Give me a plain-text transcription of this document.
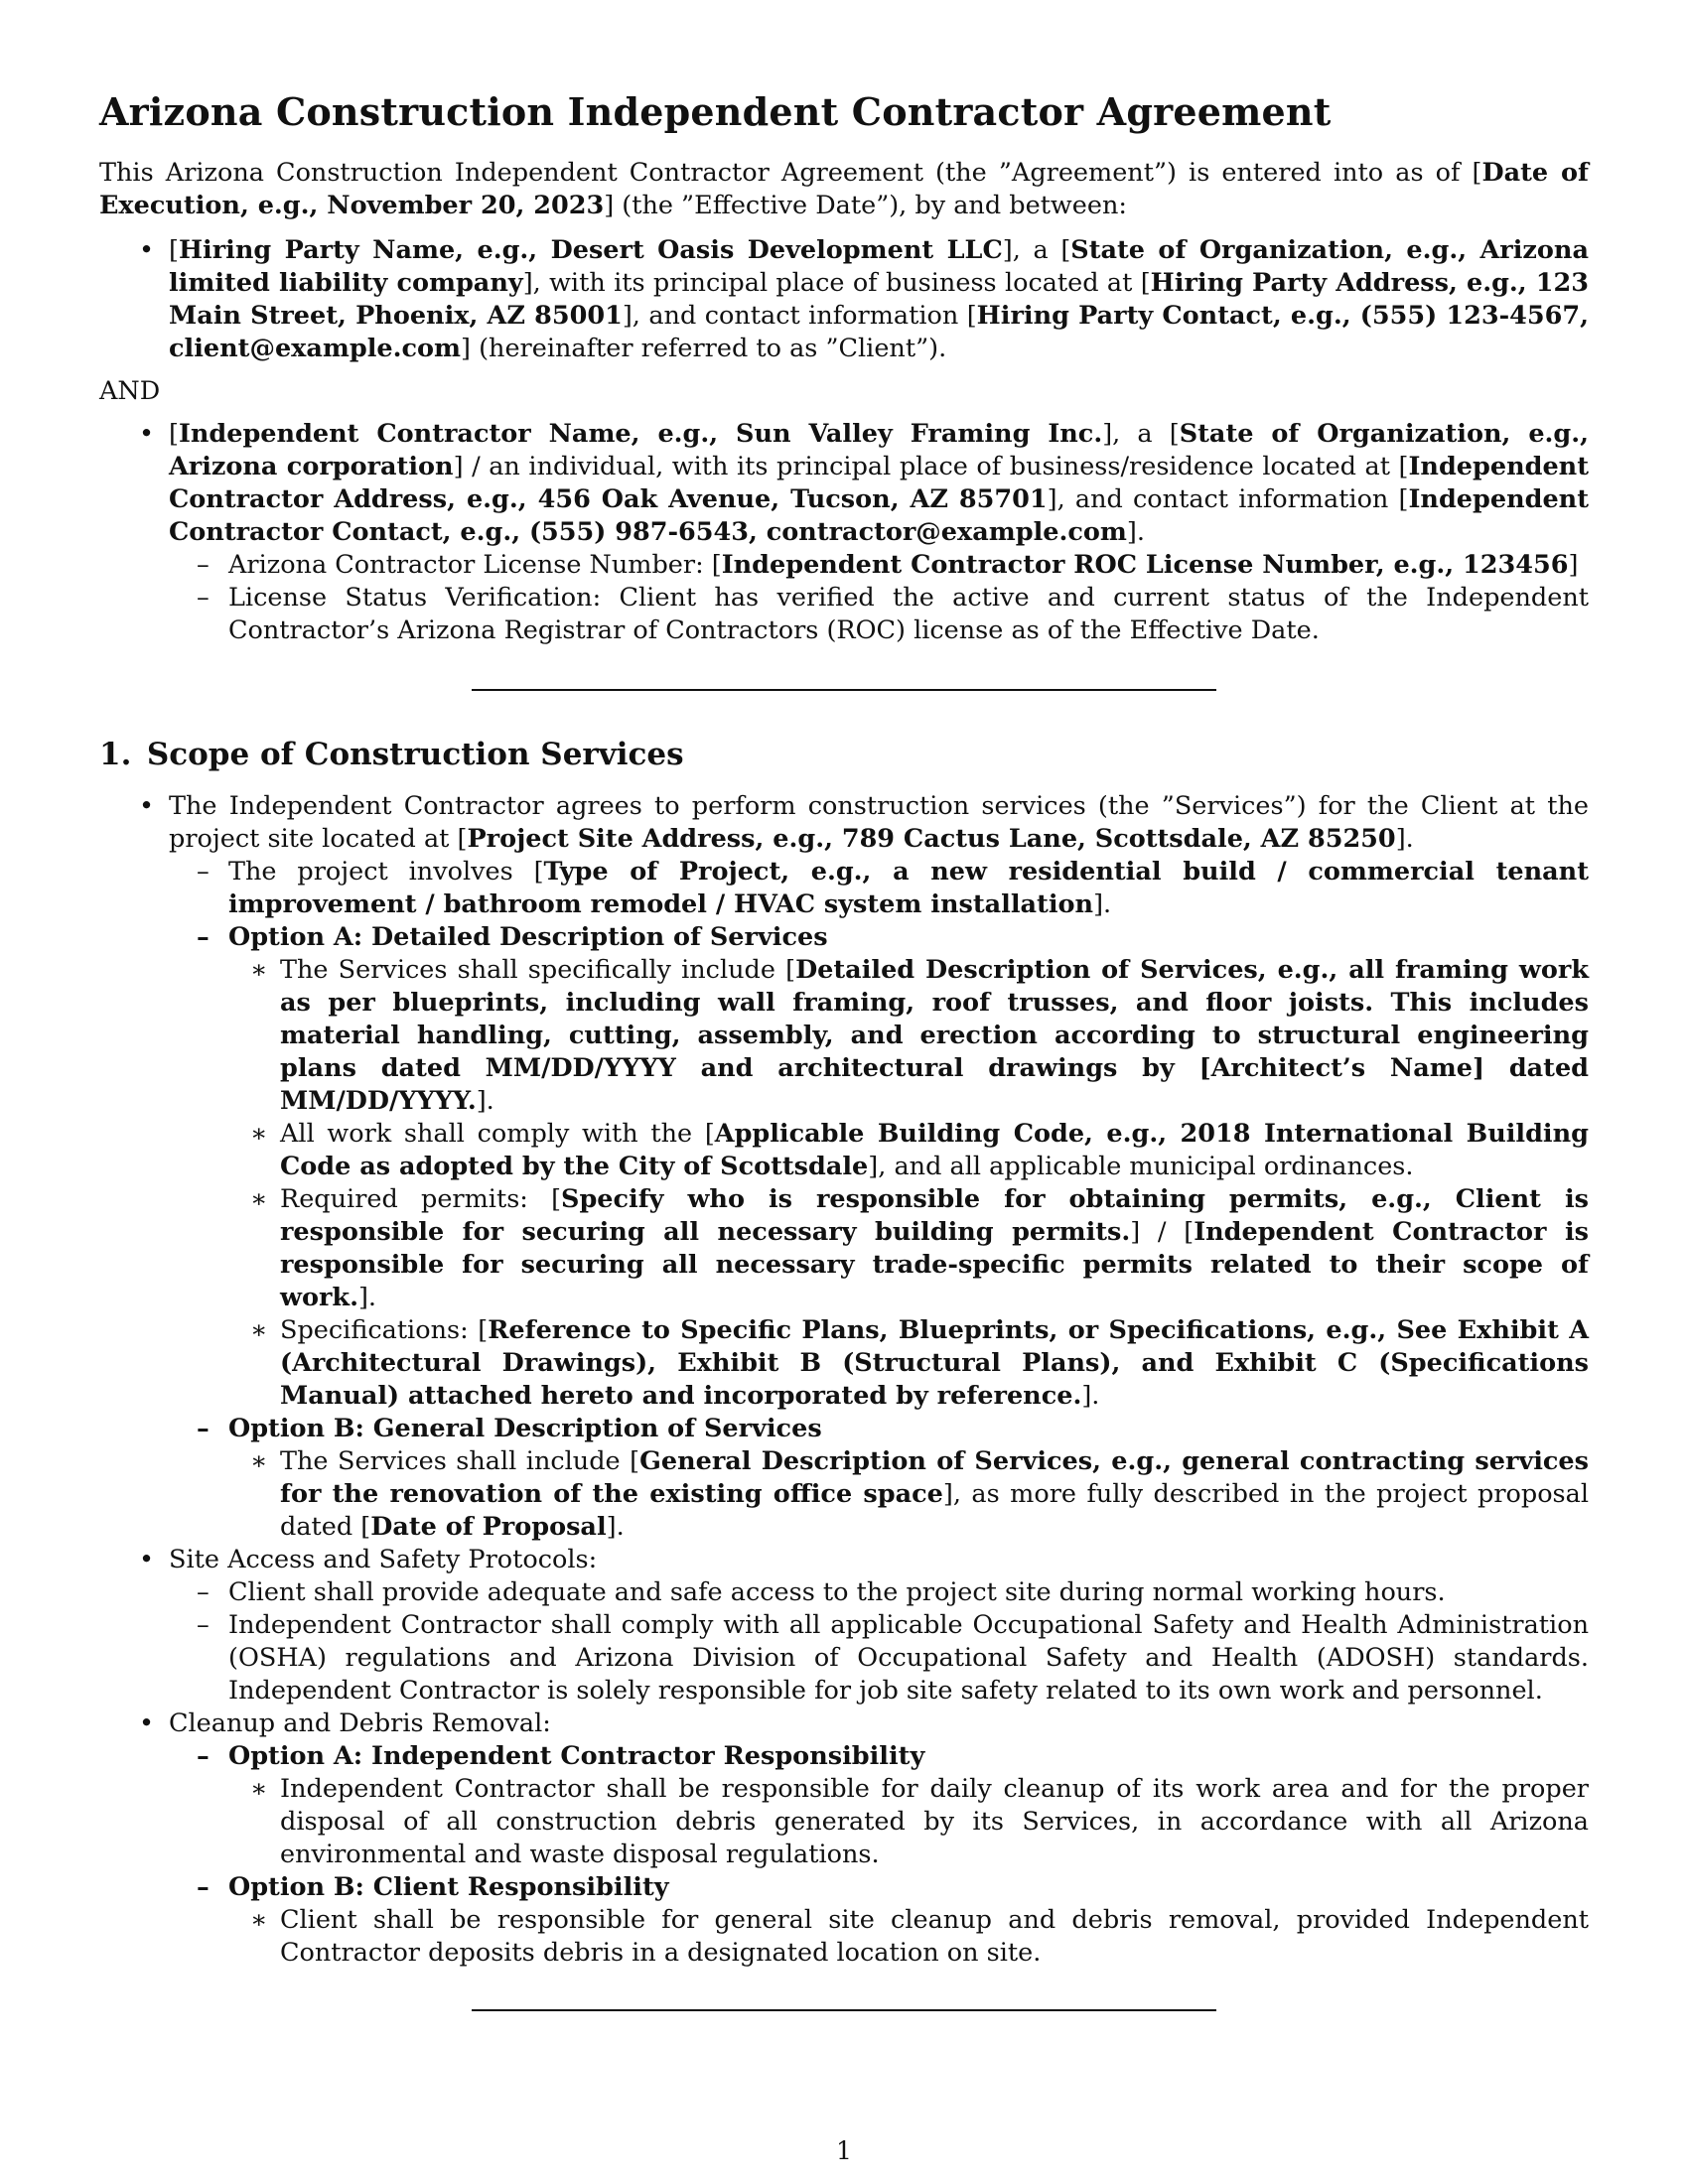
Arizona Construction Independent Contractor Agreement

This Arizona Construction Independent Contractor Agreement (the ”Agreement”) is entered into as of [Date of Execution, e.g., November 20, 2023] (the ”Effective Date”), by and between:

• [Hiring Party Name, e.g., Desert Oasis Development LLC], a [State of Organization, e.g., Arizona limited liability company], with its principal place of business located at [Hiring Party Address, e.g., 123 Main Street, Phoenix, AZ 85001], and contact information [Hiring Party Contact, e.g., (555) 123-4567, client@example.com] (hereinafter referred to as ”Client”).

AND

• [Independent Contractor Name, e.g., Sun Valley Framing Inc.], a [State of Organization, e.g., Arizona corporation] / an individual, with its principal place of business/residence located at [Independent Contractor Address, e.g., 456 Oak Avenue, Tucson, AZ 85701], and contact information [Independent Contractor Contact, e.g., (555) 987-6543, contractor@example.com].
– Arizona Contractor License Number: [Independent Contractor ROC License Number, e.g., 123456]
– License Status Verification: Client has verified the active and current status of the Independent Contractor’s Arizona Registrar of Contractors (ROC) license as of the Effective Date.
1. Scope of Construction Services
• The Independent Contractor agrees to perform construction services (the ”Services”) for the Client at the project site located at [Project Site Address, e.g., 789 Cactus Lane, Scottsdale, AZ 85250].
– The project involves [Type of Project, e.g., a new residential build / commercial tenant improvement / bathroom remodel / HVAC system installation].
– Option A: Detailed Description of Services
∗ The Services shall specifically include [Detailed Description of Services, e.g., all framing work as per blueprints, including wall framing, roof trusses, and floor joists. This includes material handling, cutting, assembly, and erection according to structural engineering plans dated MM/DD/YYYY and architectural drawings by [Architect’s Name] dated MM/DD/YYYY.].
∗ All work shall comply with the [Applicable Building Code, e.g., 2018 International Building Code as adopted by the City of Scottsdale], and all applicable municipal ordinances.
∗ Required permits: [Specify who is responsible for obtaining permits, e.g., Client is responsible for securing all necessary building permits.] / [Independent Contractor is responsible for securing all necessary trade-specific permits related to their scope of work.].
∗ Specifications: [Reference to Specific Plans, Blueprints, or Specifications, e.g., See Exhibit A (Architectural Drawings), Exhibit B (Structural Plans), and Exhibit C (Specifications Manual) attached hereto and incorporated by reference.].
– Option B: General Description of Services
∗ The Services shall include [General Description of Services, e.g., general contracting services for the renovation of the existing office space], as more fully described in the project proposal dated [Date of Proposal].
• Site Access and Safety Protocols:
– Client shall provide adequate and safe access to the project site during normal working hours.
– Independent Contractor shall comply with all applicable Occupational Safety and Health Administration (OSHA) regulations and Arizona Division of Occupational Safety and Health (ADOSH) standards. Independent Contractor is solely responsible for job site safety related to its own work and personnel.
• Cleanup and Debris Removal:
– Option A: Independent Contractor Responsibility
∗ Independent Contractor shall be responsible for daily cleanup of its work area and for the proper disposal of all construction debris generated by its Services, in accordance with all Arizona environmental and waste disposal regulations.
– Option B: Client Responsibility
∗ Client shall be responsible for general site cleanup and debris removal, provided Independent Contractor deposits debris in a designated location on site.
1
